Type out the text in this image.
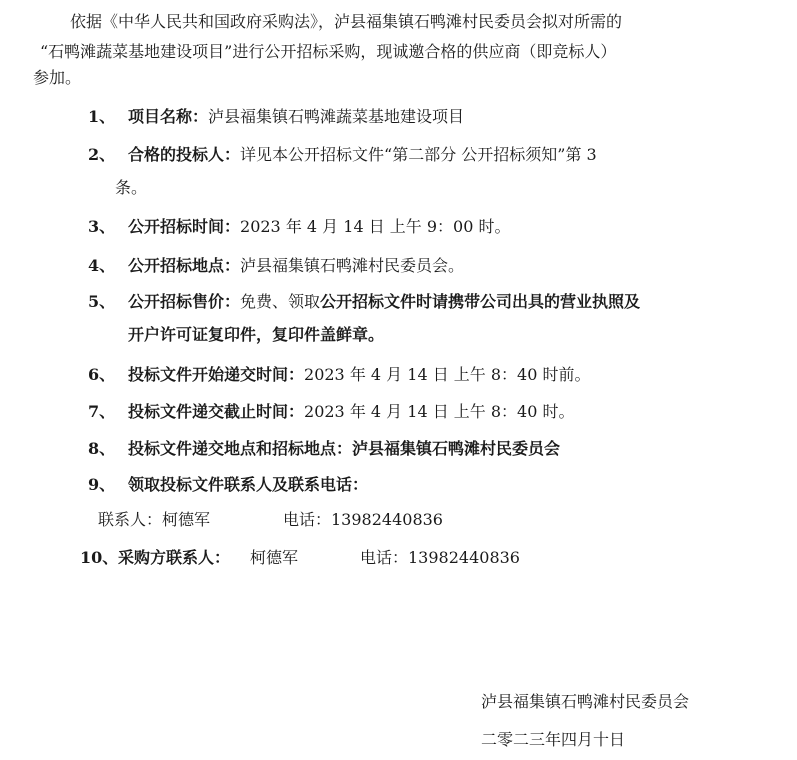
依据《中华人民共和国政府采购法》，泸县福集镇石鸭滩村民委员会拟对所需的
“石鸭滩蔬菜基地建设项目”进行公开招标采购，现诚邀合格的供应商（即竞标人）
参加。
1、 项目名称：泸县福集镇石鸭滩蔬菜基地建设项目
2、 合格的投标人：详见本公开招标文件“第二部分 公开招标须知”第 3
条。
3、 公开招标时间：2023 年 4 月 14 日 上午 9：00 时。
4、 公开招标地点：泸县福集镇石鸭滩村民委员会。
5、 公开招标售价：免费、领取公开招标文件时请携带公司出具的营业执照及
开户许可证复印件，复印件盖鲜章。
6、 投标文件开始递交时间：2023 年 4 月 14 日 上午 8：40 时前。
7、 投标文件递交截止时间：2023 年 4 月 14 日 上午 8：40 时。
8、 投标文件递交地点和招标地点：泸县福集镇石鸭滩村民委员会
9、 领取投标文件联系人及联系电话：
联系人：柯德军	电话：13982440836
10、 采购方联系人： 柯德军	电话：13982440836
泸县福集镇石鸭滩村民委员会
二零二三年四月十日
